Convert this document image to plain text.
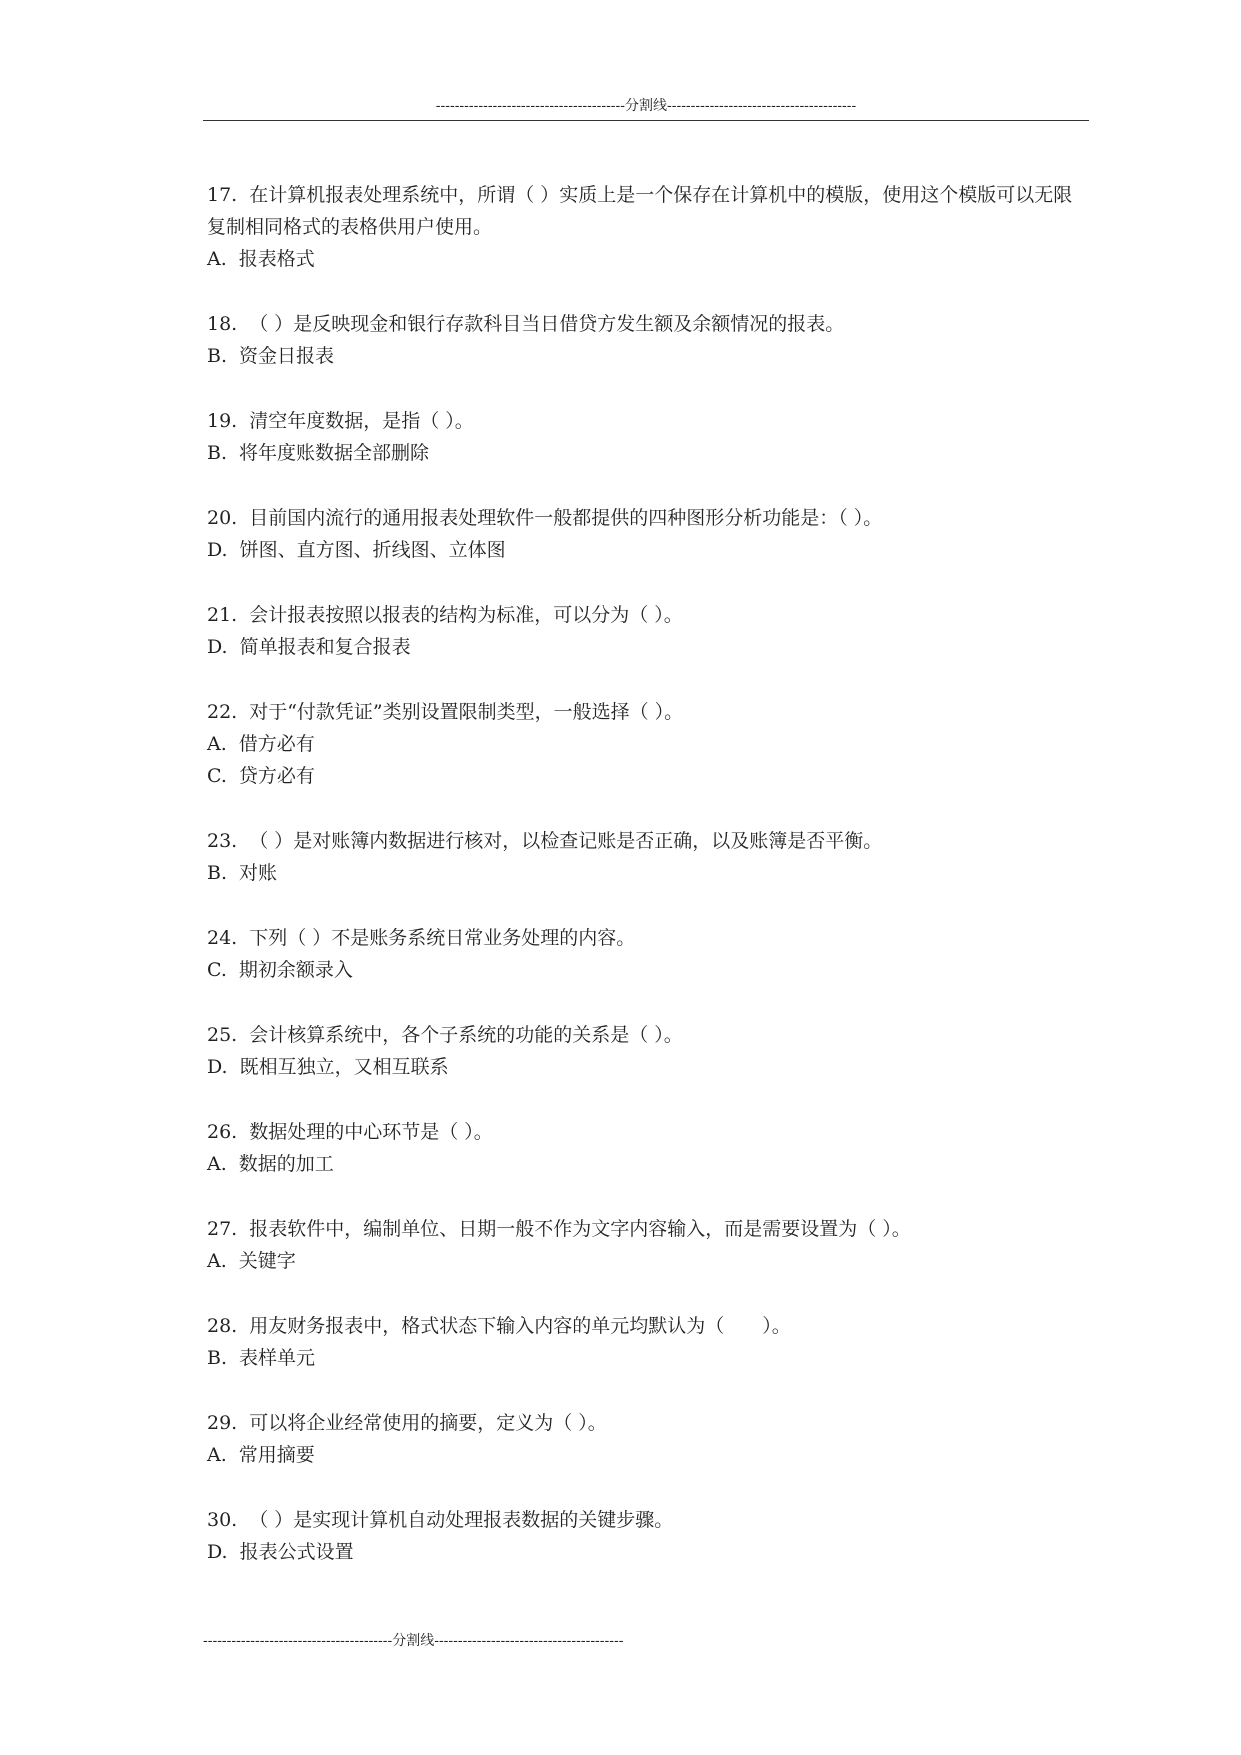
----------------------------------------分割线----------------------------------------

17. 在计算机报表处理系统中，所谓（ ）实质上是一个保存在计算机中的模版，使用这个模版可以无限复制相同格式的表格供用户使用。

A. 报表格式

18. （ ）是反映现金和银行存款科目当日借贷方发生额及余额情况的报表。

B. 资金日报表

19. 清空年度数据，是指（ ）。

B. 将年度账数据全部删除

20. 目前国内流行的通用报表处理软件一般都提供的四种图形分析功能是：（ ）。

D. 饼图、直方图、折线图、立体图

21. 会计报表按照以报表的结构为标准，可以分为（ ）。

D. 简单报表和复合报表

22. 对于“付款凭证”类别设置限制类型，一般选择（ ）。

A. 借方必有

C. 贷方必有

23. （ ）是对账簿内数据进行核对，以检查记账是否正确，以及账簿是否平衡。

B. 对账

24. 下列（ ）不是账务系统日常业务处理的内容。

C. 期初余额录入

25. 会计核算系统中，各个子系统的功能的关系是（ ）。

D. 既相互独立，又相互联系

26. 数据处理的中心环节是（ ）。

A. 数据的加工

27. 报表软件中，编制单位、日期一般不作为文字内容输入，而是需要设置为（ ）。

A. 关键字

28. 用友财务报表中，格式状态下输入内容的单元均默认为（　　）。

B. 表样单元

29. 可以将企业经常使用的摘要，定义为（ ）。

A. 常用摘要

30. （ ）是实现计算机自动处理报表数据的关键步骤。

D. 报表公式设置

----------------------------------------分割线----------------------------------------
